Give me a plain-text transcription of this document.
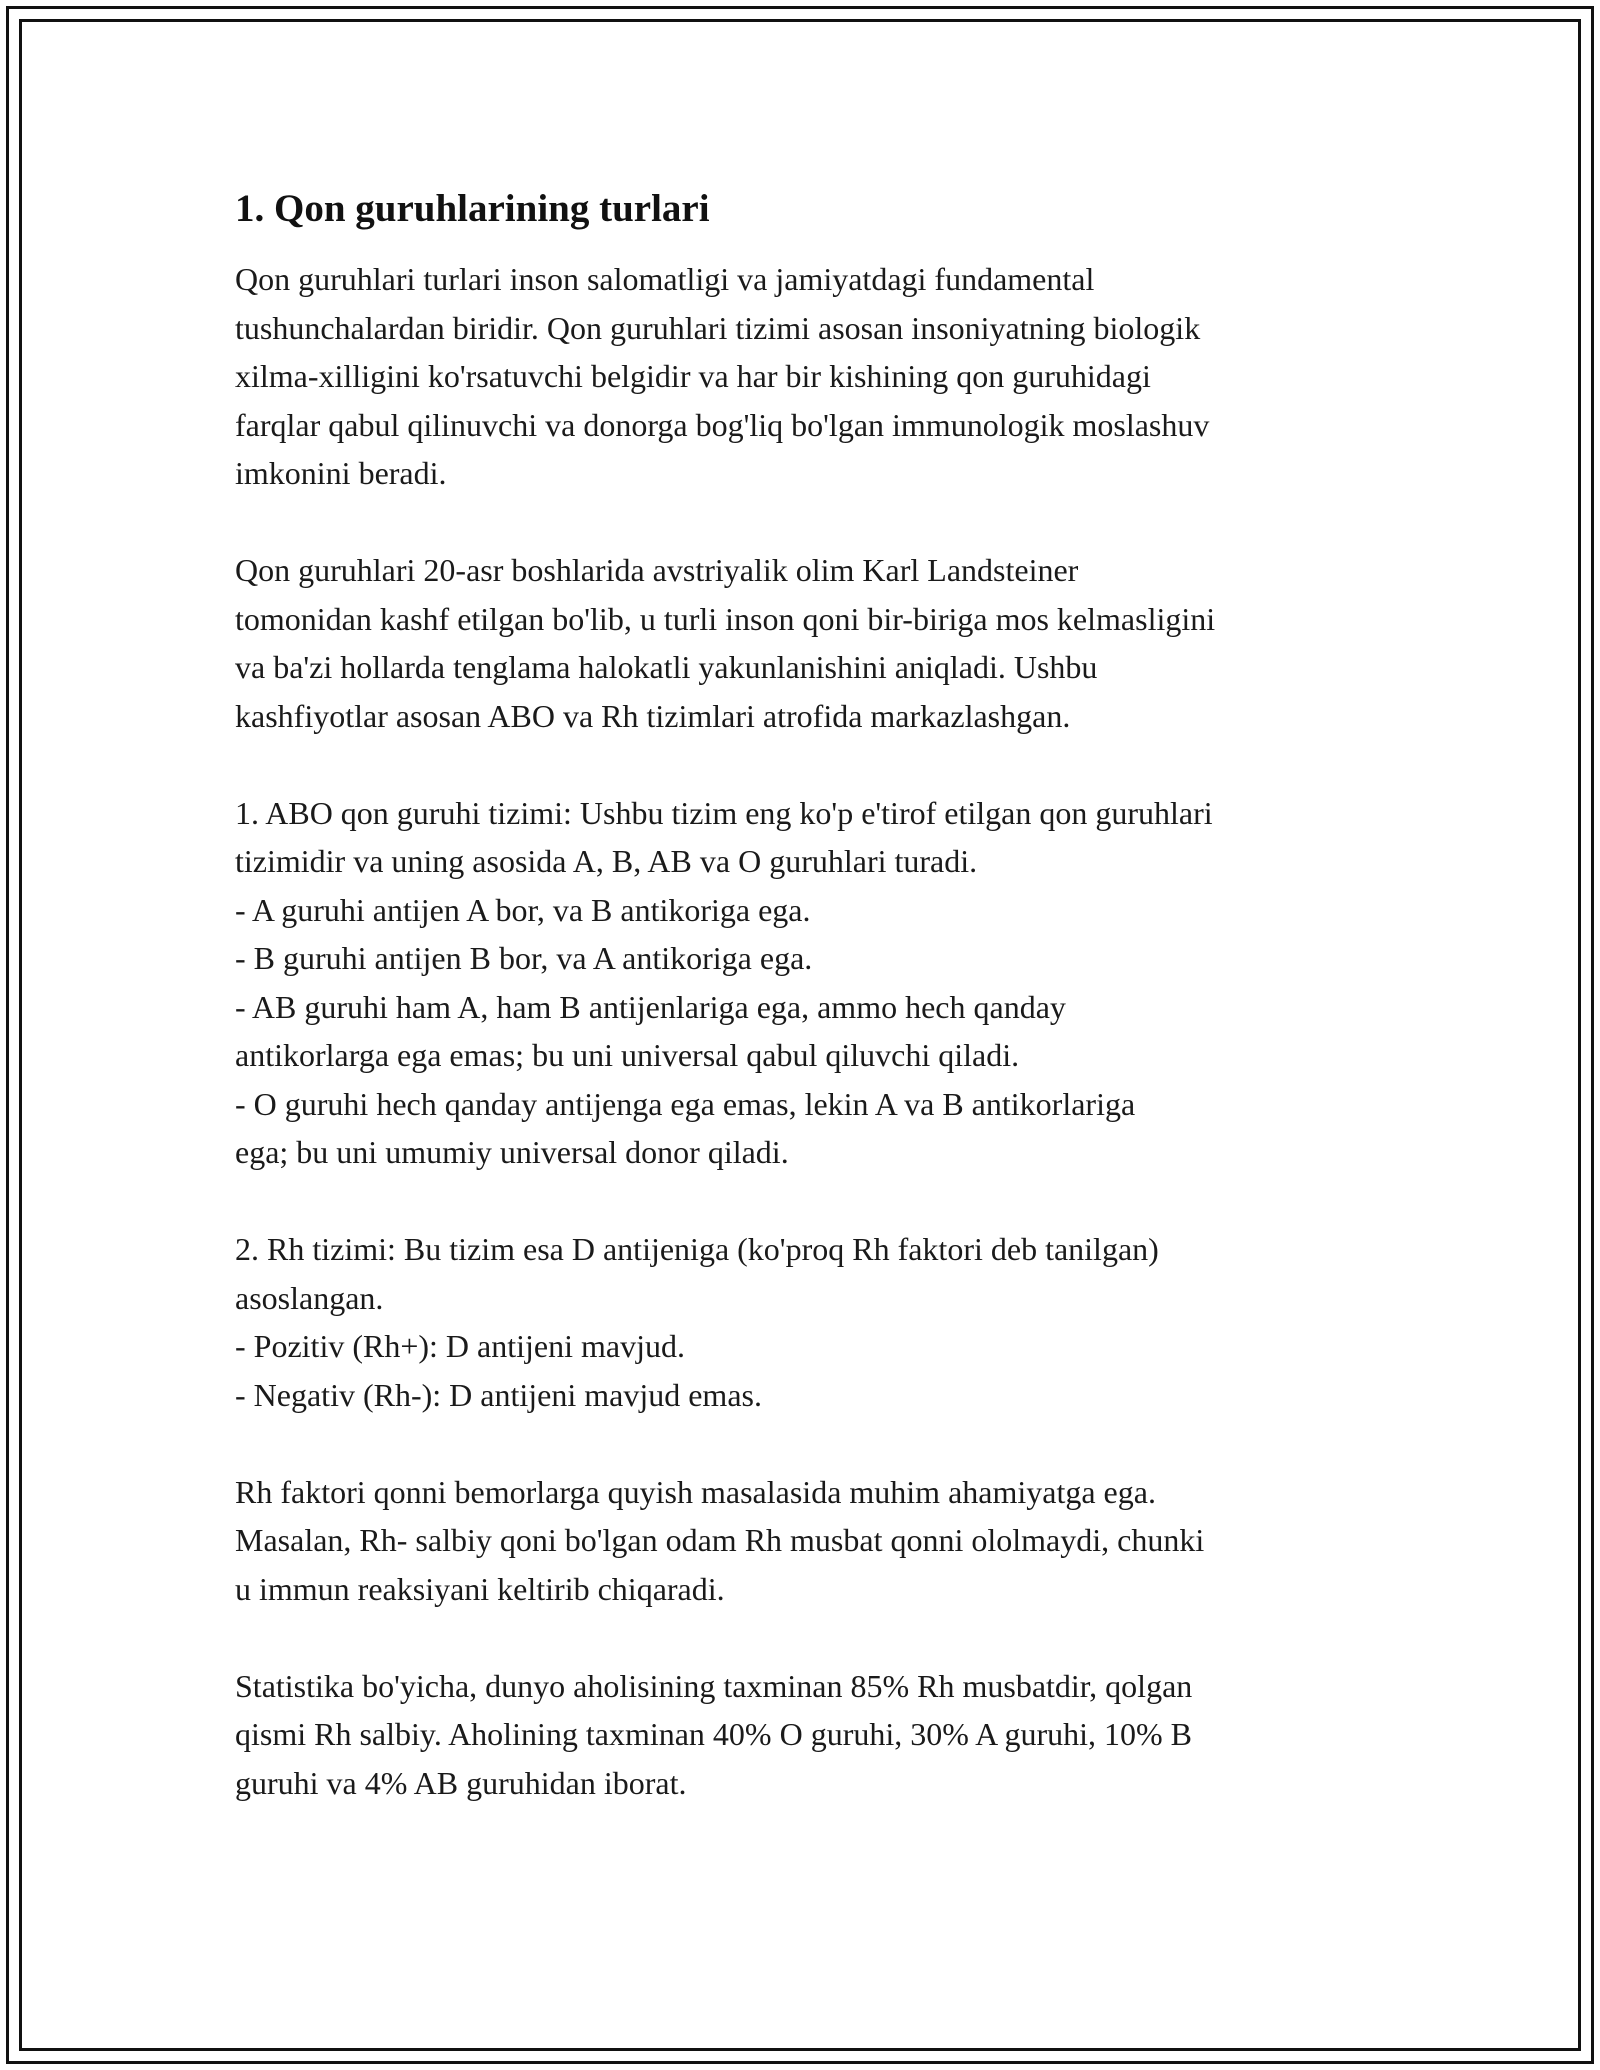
1. Qon guruhlarining turlari

Qon guruhlari turlari inson salomatligi va jamiyatdagi fundamental
tushunchalardan biridir. Qon guruhlari tizimi asosan insoniyatning biologik
xilma-xilligini ko'rsatuvchi belgidir va har bir kishining qon guruhidagi
farqlar qabul qilinuvchi va donorga bog'liq bo'lgan immunologik moslashuv
imkonini beradi.

Qon guruhlari 20-asr boshlarida avstriyalik olim Karl Landsteiner
tomonidan kashf etilgan bo'lib, u turli inson qoni bir-biriga mos kelmasligini
va ba'zi hollarda tenglama halokatli yakunlanishini aniqladi. Ushbu
kashfiyotlar asosan ABO va Rh tizimlari atrofida markazlashgan.

1. ABO qon guruhi tizimi: Ushbu tizim eng ko'p e'tirof etilgan qon guruhlari
tizimidir va uning asosida A, B, AB va O guruhlari turadi.
- A guruhi antijen A bor, va B antikoriga ega.
- B guruhi antijen B bor, va A antikoriga ega.
- AB guruhi ham A, ham B antijenlariga ega, ammo hech qanday
antikorlarga ega emas; bu uni universal qabul qiluvchi qiladi.
- O guruhi hech qanday antijenga ega emas, lekin A va B antikorlariga
ega; bu uni umumiy universal donor qiladi.

2. Rh tizimi: Bu tizim esa D antijeniga (ko'proq Rh faktori deb tanilgan)
asoslangan.
- Pozitiv (Rh+): D antijeni mavjud.
- Negativ (Rh-): D antijeni mavjud emas.

Rh faktori qonni bemorlarga quyish masalasida muhim ahamiyatga ega.
Masalan, Rh- salbiy qoni bo'lgan odam Rh musbat qonni ololmaydi, chunki
u immun reaksiyani keltirib chiqaradi.

Statistika bo'yicha, dunyo aholisining taxminan 85% Rh musbatdir, qolgan
qismi Rh salbiy. Aholining taxminan 40% O guruhi, 30% A guruhi, 10% B
guruhi va 4% AB guruhidan iborat.
